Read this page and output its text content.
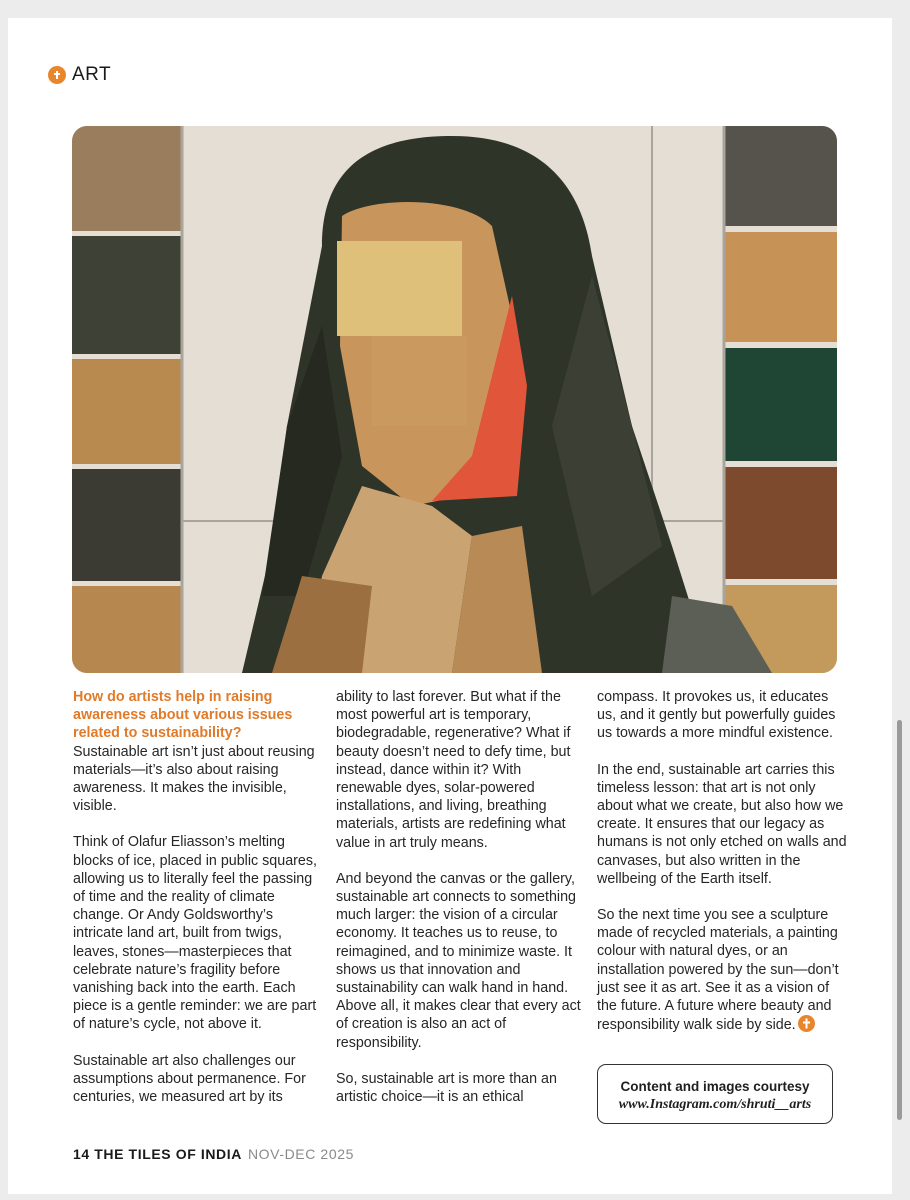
ART

How do artists help in raising awareness about various issues related to sustainability?
Sustainable art isn’t just about reusing materials—it’s also about raising awareness. It makes the invisible, visible.

Think of Olafur Eliasson’s melting blocks of ice, placed in public squares, allowing us to literally feel the passing of time and the reality of climate change. Or Andy Goldsworthy’s intricate land art, built from twigs, leaves, stones—masterpieces that celebrate nature’s fragility before vanishing back into the earth. Each piece is a gentle reminder: we are part of nature’s cycle, not above it.

Sustainable art also challenges our assumptions about permanence. For centuries, we measured art by its

ability to last forever. But what if the most powerful art is temporary, biodegradable, regenerative? What if beauty doesn’t need to defy time, but instead, dance within it? With renewable dyes, solar-powered installations, and living, breathing materials, artists are redefining what value in art truly means.

And beyond the canvas or the gallery, sustainable art connects to something much larger: the vision of a circular economy. It teaches us to reuse, to reimagined, and to minimize waste. It shows us that innovation and sustainability can walk hand in hand. Above all, it makes clear that every act of creation is also an act of responsibility.

So, sustainable art is more than an artistic choice—it is an ethical

compass. It provokes us, it educates us, and it gently but powerfully guides us towards a more mindful existence.

In the end, sustainable art carries this timeless lesson: that art is not only about what we create, but also how we create. It ensures that our legacy as humans is not only etched on walls and canvases, but also written in the wellbeing of the Earth itself.

So the next time you see a sculpture made of recycled materials, a painting colour with natural dyes, or an installation powered by the sun—don’t just see it as art. See it as a vision of the future. A future where beauty and responsibility walk side by side.

Content and images courtesy
www.Instagram.com/shruti__arts
14 THE TILES OF INDIA NOV-DEC 2025
